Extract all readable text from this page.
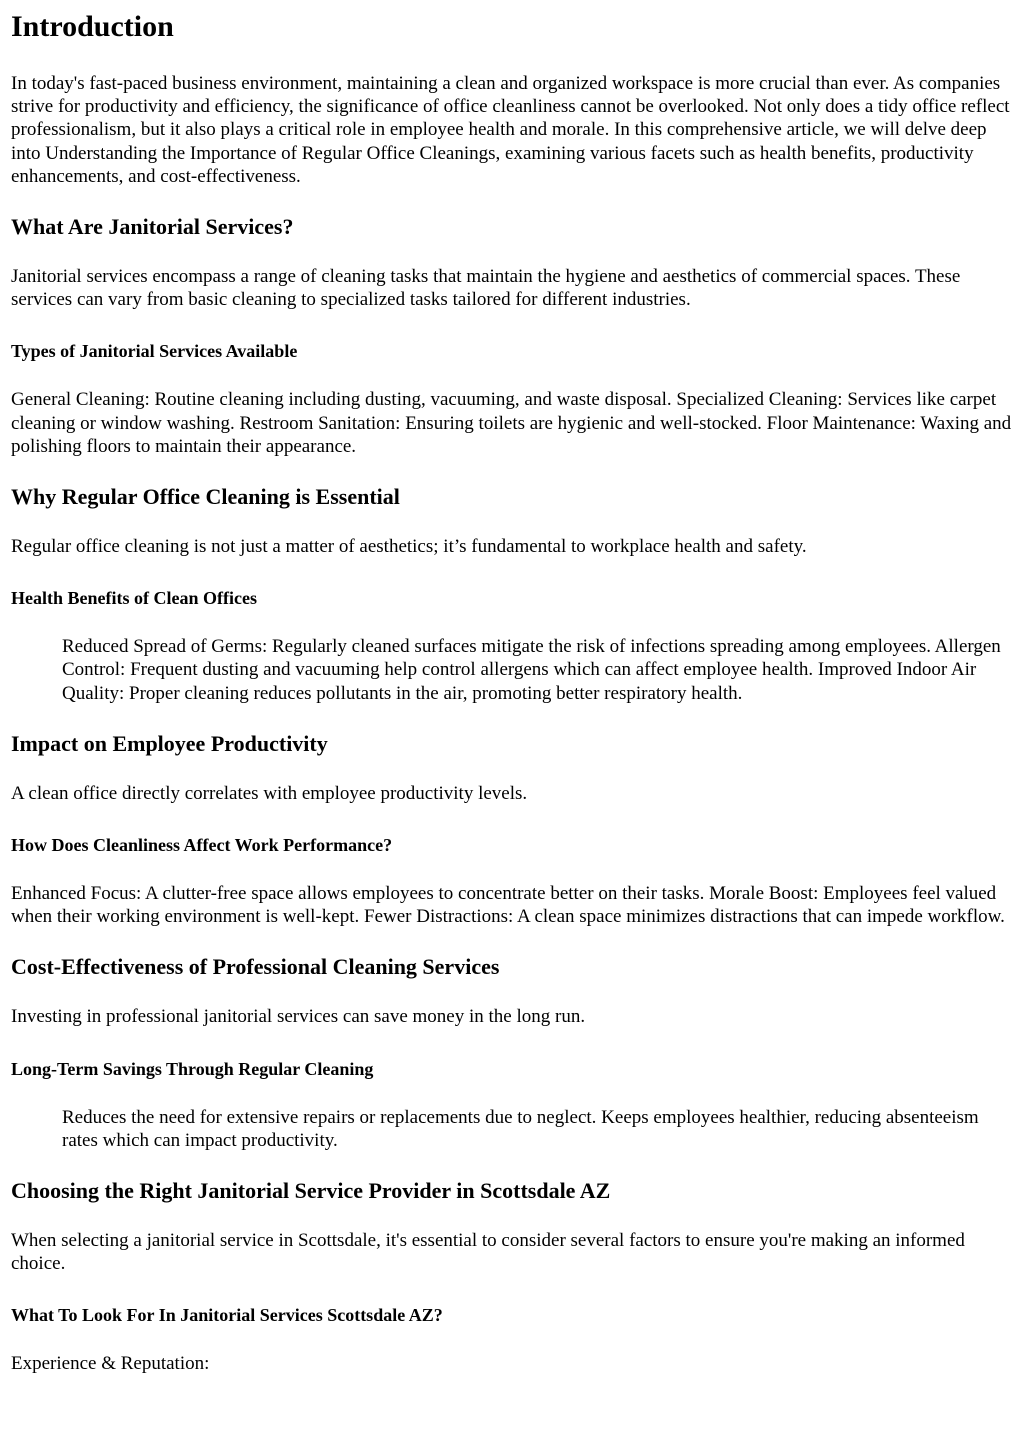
Introduction

In today's fast-paced business environment, maintaining a clean and organized workspace is more crucial than ever. As companies strive for productivity and efficiency, the significance of office cleanliness cannot be overlooked. Not only does a tidy office reflect professionalism, but it also plays a critical role in employee health and morale. In this comprehensive article, we will delve deep into Understanding the Importance of Regular Office Cleanings, examining various facets such as health benefits, productivity enhancements, and cost-effectiveness.

What Are Janitorial Services?

Janitorial services encompass a range of cleaning tasks that maintain the hygiene and aesthetics of commercial spaces. These services can vary from basic cleaning to specialized tasks tailored for different industries.

Types of Janitorial Services Available

General Cleaning: Routine cleaning including dusting, vacuuming, and waste disposal. Specialized Cleaning: Services like carpet cleaning or window washing. Restroom Sanitation: Ensuring toilets are hygienic and well-stocked. Floor Maintenance: Waxing and polishing floors to maintain their appearance.

Why Regular Office Cleaning is Essential

Regular office cleaning is not just a matter of aesthetics; it’s fundamental to workplace health and safety.

Health Benefits of Clean Offices
Reduced Spread of Germs: Regularly cleaned surfaces mitigate the risk of infections spreading among employees. Allergen Control: Frequent dusting and vacuuming help control allergens which can affect employee health. Improved Indoor Air Quality: Proper cleaning reduces pollutants in the air, promoting better respiratory health.
Impact on Employee Productivity

A clean office directly correlates with employee productivity levels.

How Does Cleanliness Affect Work Performance?

Enhanced Focus: A clutter-free space allows employees to concentrate better on their tasks. Morale Boost: Employees feel valued when their working environment is well-kept. Fewer Distractions: A clean space minimizes distractions that can impede workflow.

Cost-Effectiveness of Professional Cleaning Services

Investing in professional janitorial services can save money in the long run.

Long-Term Savings Through Regular Cleaning
Reduces the need for extensive repairs or replacements due to neglect. Keeps employees healthier, reducing absenteeism rates which can impact productivity.
Choosing the Right Janitorial Service Provider in Scottsdale AZ

When selecting a janitorial service in Scottsdale, it's essential to consider several factors to ensure you're making an informed choice.

What To Look For In Janitorial Services Scottsdale AZ?

Experience & Reputation:
